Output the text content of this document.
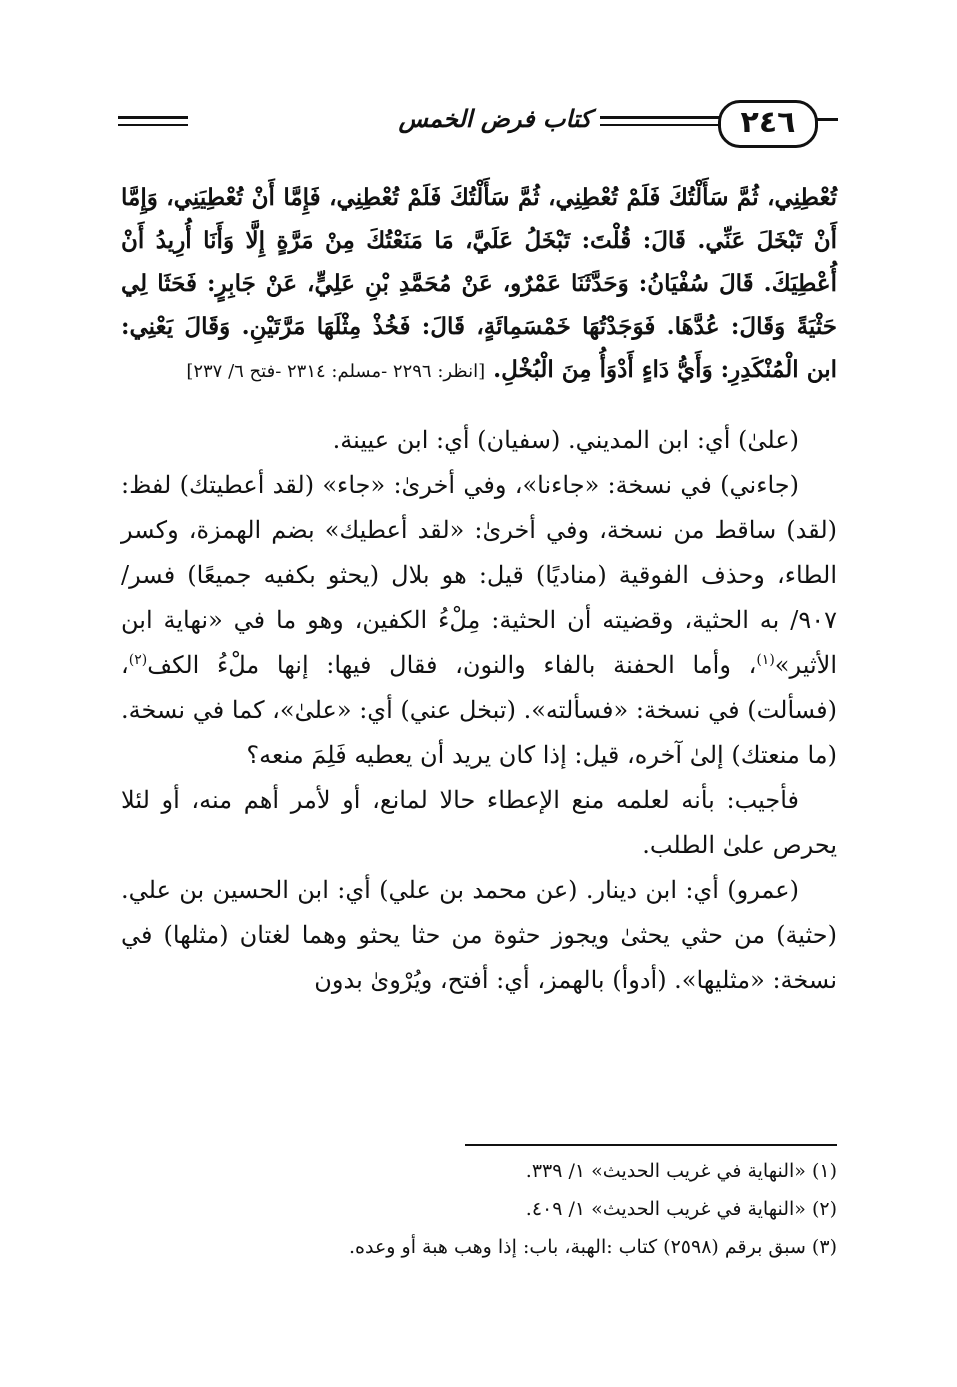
كتاب فرض الخمس	٢٤٦
تُعْطِنِي، ثُمَّ سَأَلْتُكَ فَلَمْ تُعْطِنِي، ثُمَّ سَأَلْتُكَ فَلَمْ تُعْطِنِي، فَإِمَّا أَنْ تُعْطِيَنِي، وَإِمَّا أَنْ تَبْخَلَ عَنِّي. قَالَ: قُلْتَ: تَبْخَلُ عَلَيَّ، مَا مَنَعْتُكَ مِنْ مَرَّةٍ إِلَّا وَأَنَا أُرِيدُ أَنْ أُعْطِيَكَ. قَالَ سُفْيَانُ: وَحَدَّثَنَا عَمْرٌو، عَنْ مُحَمَّدِ بْنِ عَلِيٍّ، عَنْ جَابِرٍ: فَحَثَا لِي حَثْيَةً وَقَالَ: عُدَّهَا. فَوَجَدْتُهَا خَمْسَمِائَةٍ، قَالَ: فَخُذْ مِثْلَهَا مَرَّتَيْنِ. وَقَالَ يَعْنِي: ابن الْمُنْكَدِرِ: وَأَيُّ دَاءٍ أَدْوَأُ مِنَ الْبُخْلِ. [انظر: ٢٢٩٦ -مسلم: ٢٣١٤ -فتح ٦/ ٢٣٧]

(علىٰ) أي: ابن المديني. (سفيان) أي: ابن عيينة.

(جاءني) في نسخة: «جاءنا»، وفي أخرىٰ: «جاء» (لقد أعطيتك) لفظ: (لقد) ساقط من نسخة، وفي أخرىٰ: «لقد أعطيك» بضم الهمزة، وكسر الطاء، وحذف الفوقية (مناديًا) قيل: هو بلال (يحثو بكفيه جميعًا) فسر/ ٩٠٧/ به الحثية، وقضيته أن الحثية: مِلْءُ الكفين، وهو ما في «نهاية ابن الأثير»$^{(١)}$، وأما الحفنة بالفاء والنون، فقال فيها: إنها ملْءُ الكف$^{(٢)}$، (فسألت) في نسخة: «فسألته». (تبخل عني) أي: «علىٰ»، كما في نسخة. (ما منعتك) إلىٰ آخره، قيل: إذا كان يريد أن يعطيه فَلِمَ منعه؟

فأجيب: بأنه لعلمه منع الإعطاء حالا لمانع، أو لأمر أهم منه، أو لئلا يحرص علىٰ الطلب.

(عمرو) أي: ابن دينار. (عن محمد بن علي) أي: ابن الحسين بن علي. (حثية) من حثي يحثىٰ ويجوز حثوة من حثا يحثو وهما لغتان (مثلها) في نسخة: «مثليها». (أدوأ) بالهمز، أي: أفتح، ويُرْوىٰ بدون

(١) «النهاية في غريب الحديث» ١/ ٣٣٩.
(٢) «النهاية في غريب الحديث» ١/ ٤٠٩.
(٣) سبق برقم (٢٥٩٨) كتاب :الهبة، باب: إذا وهب هبة أو وعده.
